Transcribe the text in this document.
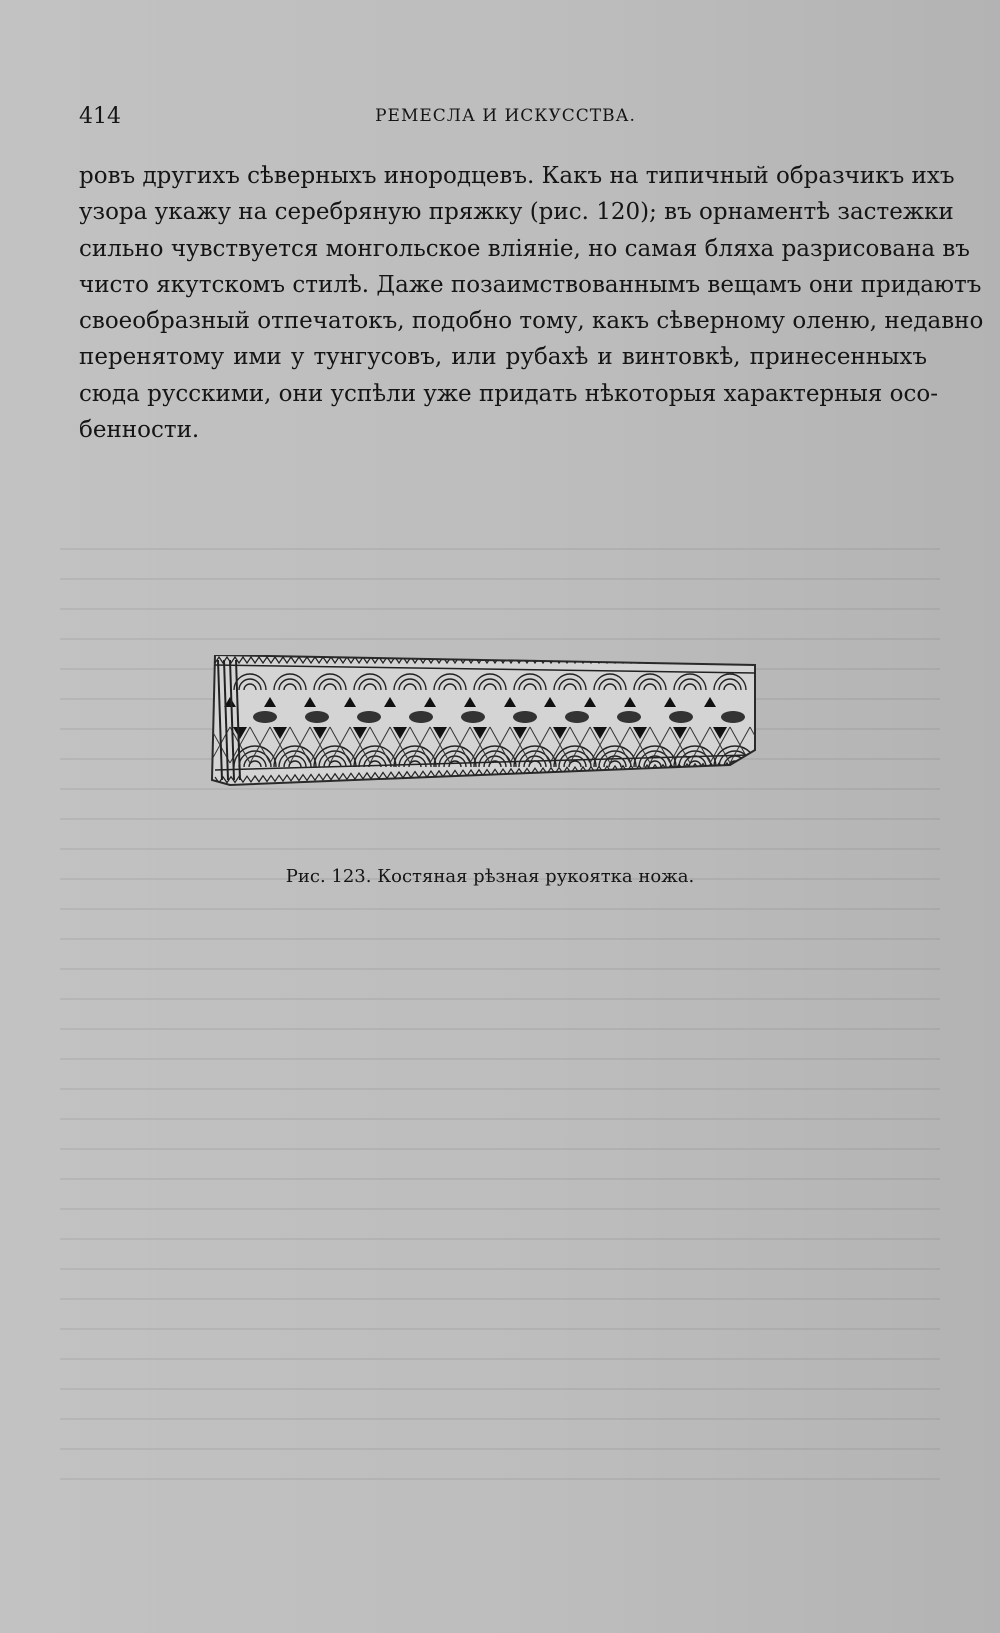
414	РЕМЕСЛА И ИСКУССТВА.
ровъ другихъ сѣверныхъ инородцевъ. Какъ на типичный образчикъ ихъ
узора укажу на серебряную пряжку (рис. 120); въ орнаментѣ застежки
сильно чувствуется монгольское вліяніе, но самая бляха разрисована въ
чисто якутскомъ стилѣ. Даже позаимствованнымъ вещамъ они придаютъ
своеобразный отпечатокъ, подобно тому, какъ сѣверному оленю, недавно
перенятому ими у тунгусовъ, или рубахѣ и винтовкѣ, принесенныхъ
сюда русскими, они успѣли уже придать нѣкоторыя характерныя осо-
бенности.
Рис. 123. Костяная рѣзная рукоятка ножа.
